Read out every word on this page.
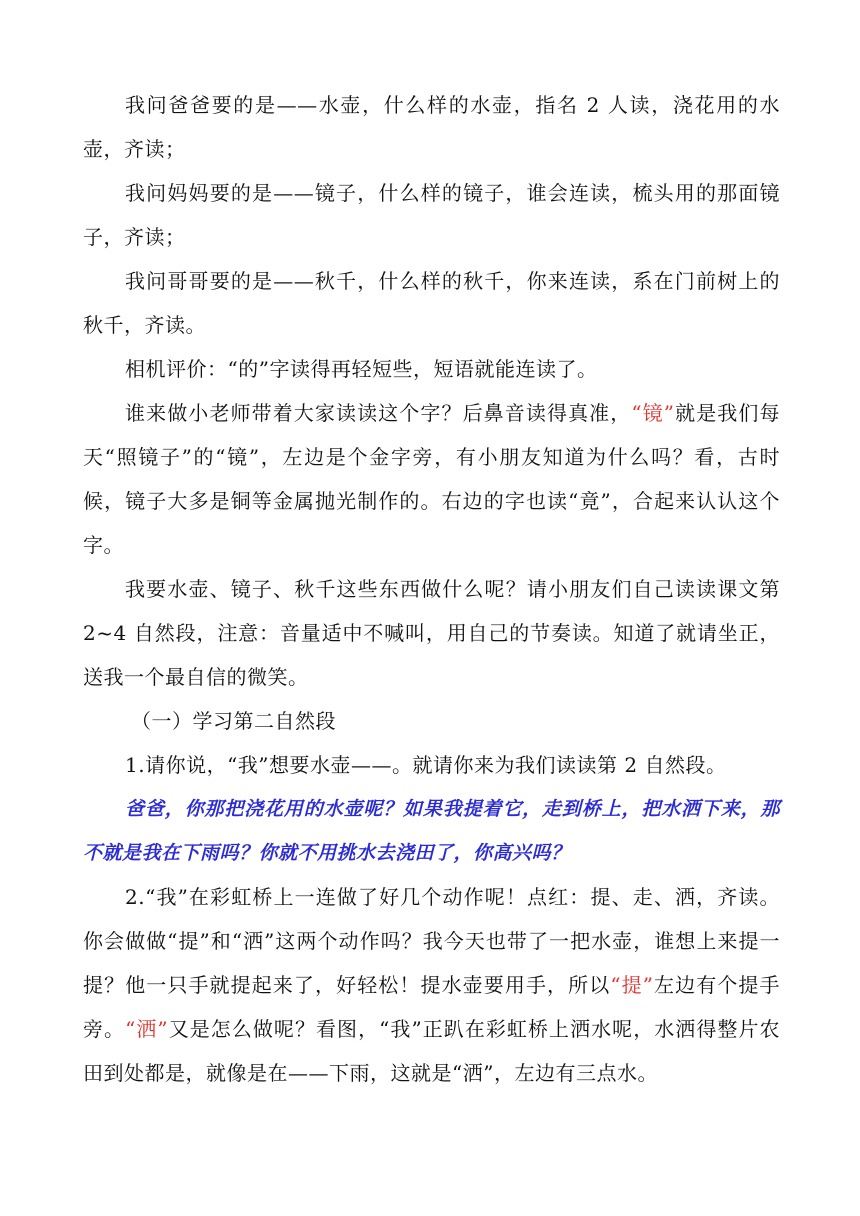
我问爸爸要的是——水壶，什么样的水壶，指名 2 人读，浇花用的水壶，齐读；

我问妈妈要的是——镜子，什么样的镜子，谁会连读，梳头用的那面镜子，齐读；

我问哥哥要的是——秋千，什么样的秋千，你来连读，系在门前树上的秋千，齐读。

相机评价：“的”字读得再轻短些，短语就能连读了。

谁来做小老师带着大家读读这个字？后鼻音读得真准，“镜”就是我们每天“照镜子”的“镜”，左边是个金字旁，有小朋友知道为什么吗？看，古时候，镜子大多是铜等金属抛光制作的。右边的字也读“竟”，合起来认认这个字。

我要水壶、镜子、秋千这些东西做什么呢？请小朋友们自己读读课文第 2~4 自然段，注意：音量适中不喊叫，用自己的节奏读。知道了就请坐正，送我一个最自信的微笑。

（一）学习第二自然段

1.请你说，“我”想要水壶——。就请你来为我们读读第 2 自然段。

爸爸，你那把浇花用的水壶呢？如果我提着它，走到桥上，把水洒下来，那不就是我在下雨吗？你就不用挑水去浇田了，你高兴吗？

2.“我”在彩虹桥上一连做了好几个动作呢！点红：提、走、洒，齐读。你会做做“提”和“洒”这两个动作吗？我今天也带了一把水壶，谁想上来提一提？他一只手就提起来了，好轻松！提水壶要用手，所以“提”左边有个提手旁。“洒”又是怎么做呢？看图，“我”正趴在彩虹桥上洒水呢，水洒得整片农田到处都是，就像是在——下雨，这就是“洒”，左边有三点水。
